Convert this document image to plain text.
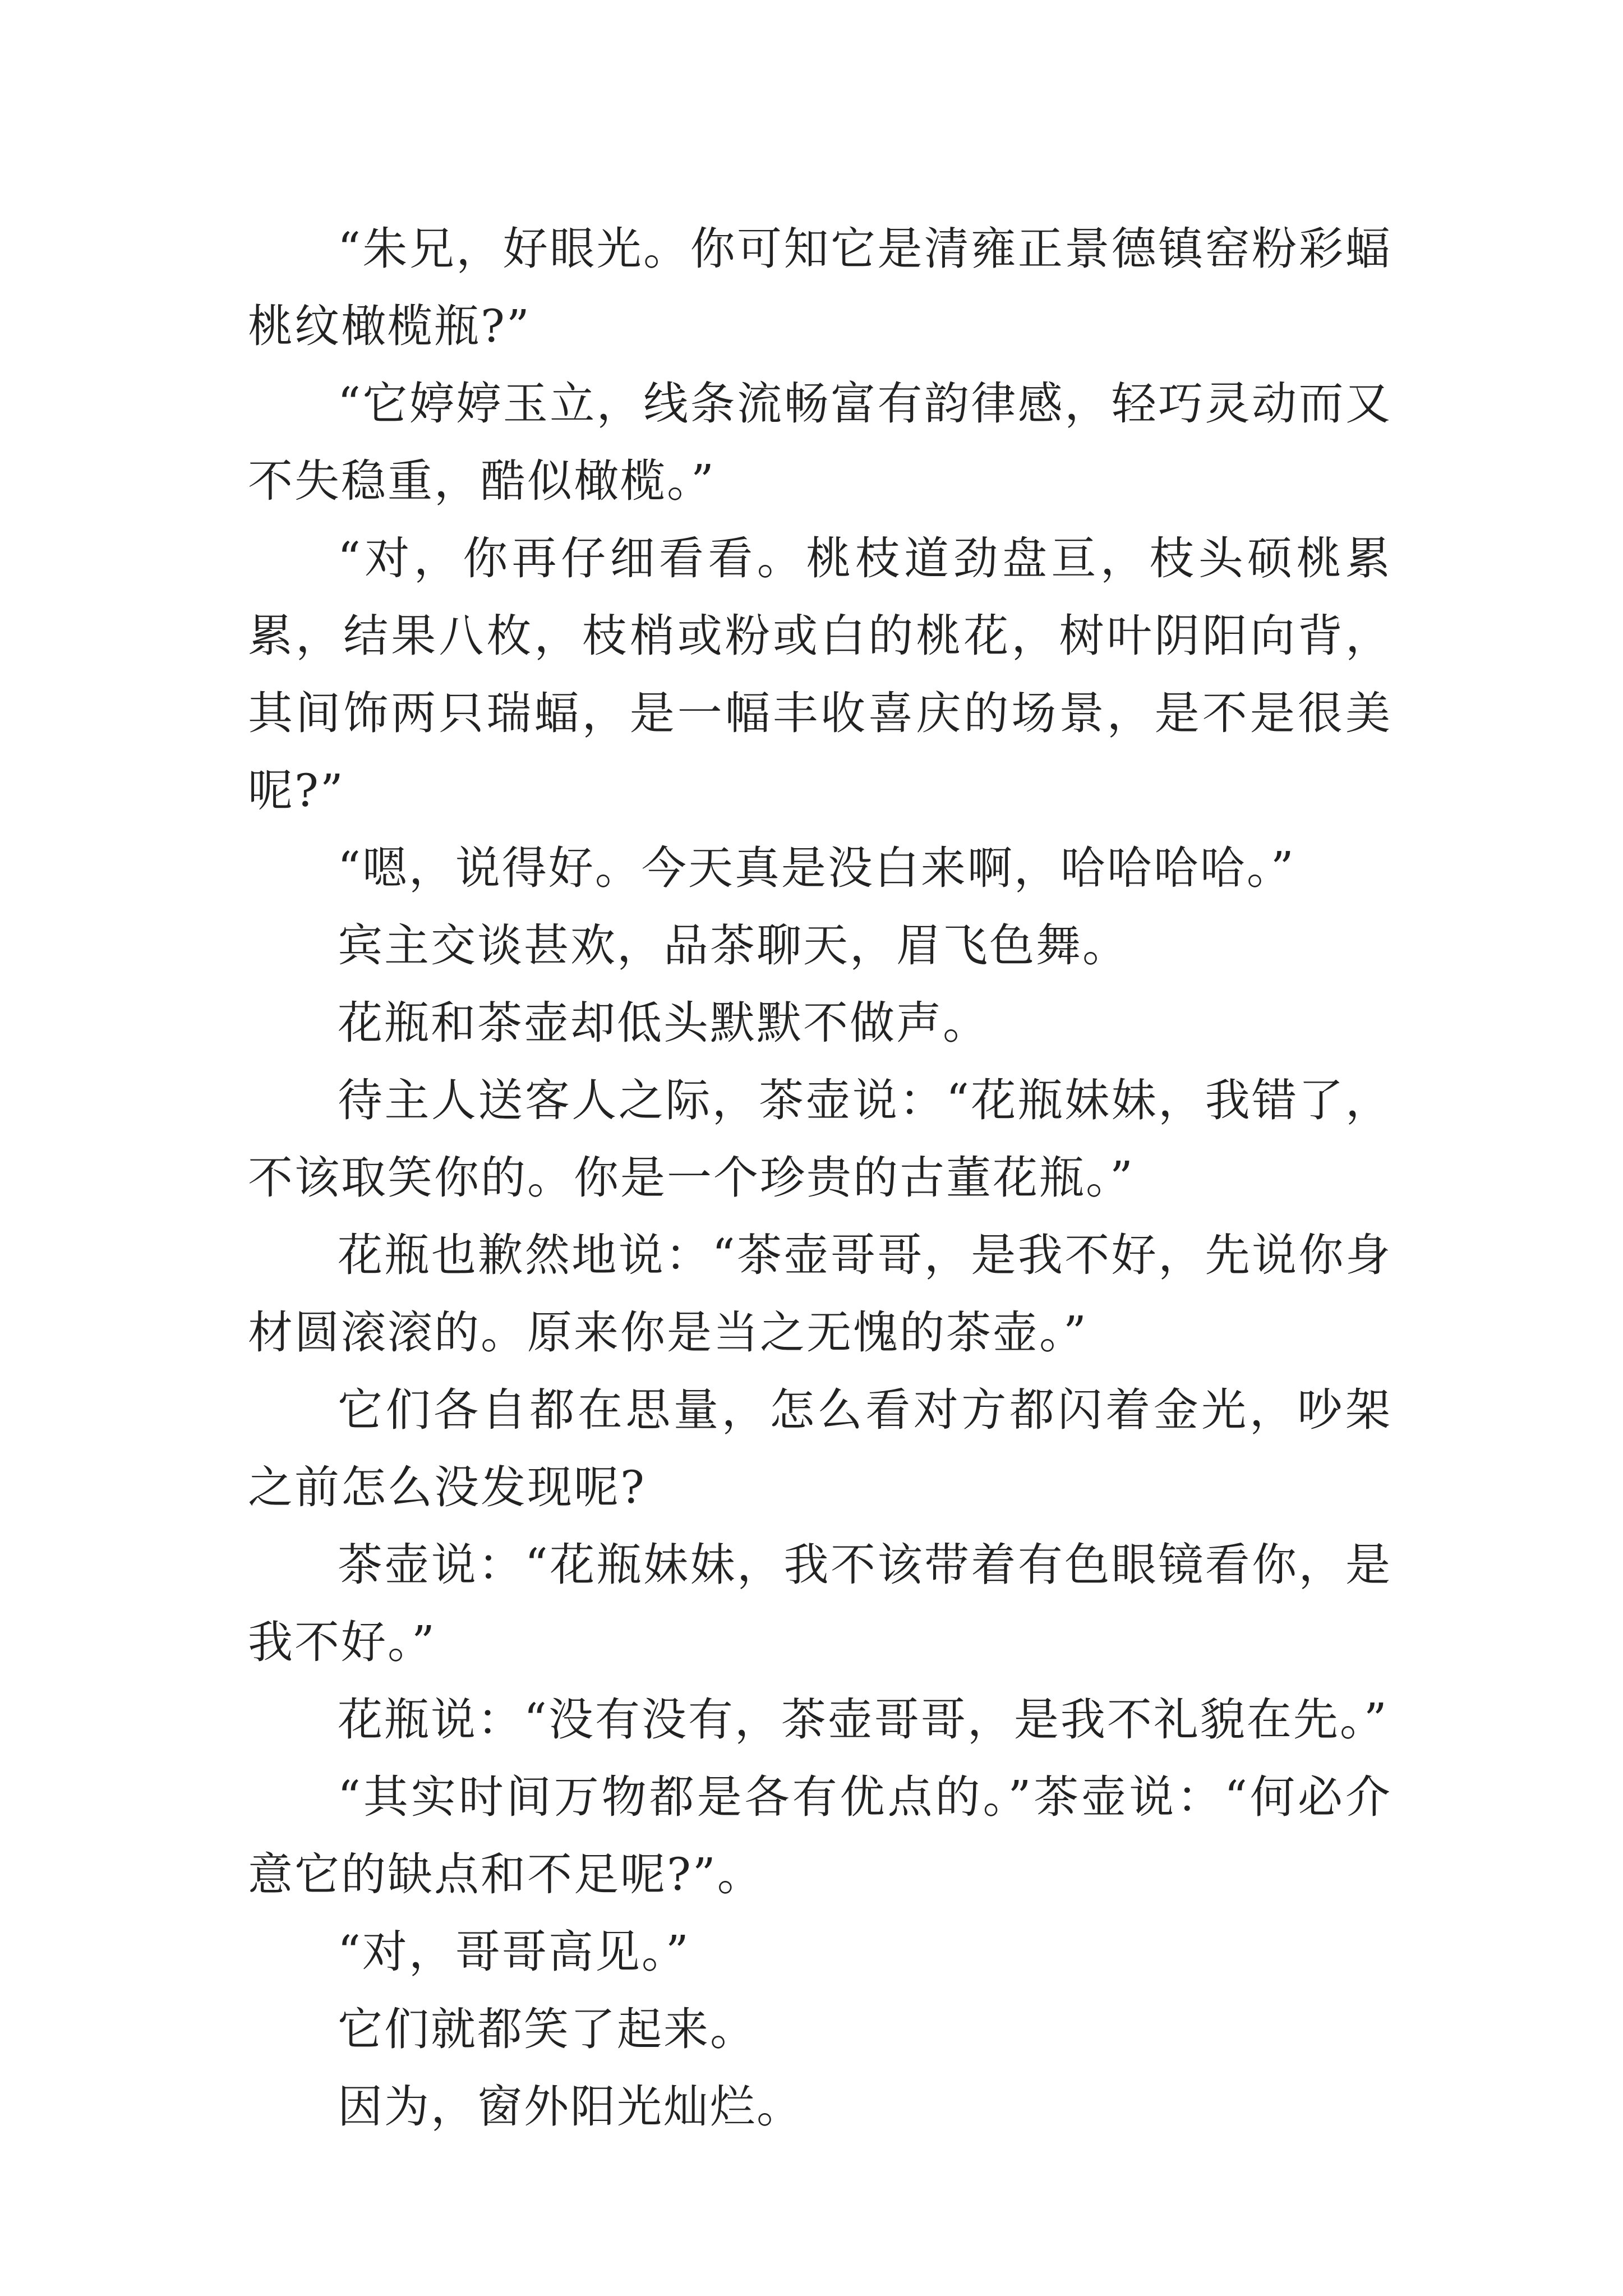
“朱兄，好眼光。你可知它是清雍正景德镇窑粉彩蝠桃纹橄榄瓶?”

“它婷婷玉立，线条流畅富有韵律感，轻巧灵动而又不失稳重，酷似橄榄。”

“对，你再仔细看看。桃枝道劲盘亘，枝头硕桃累累，结果八枚，枝梢或粉或白的桃花，树叶阴阳向背，其间饰两只瑞蝠，是一幅丰收喜庆的场景，是不是很美呢?”

“嗯，说得好。今天真是没白来啊，哈哈哈哈。”

宾主交谈甚欢，品茶聊天，眉飞色舞。

花瓶和茶壶却低头默默不做声。

待主人送客人之际，茶壶说：“花瓶妹妹，我错了，不该取笑你的。你是一个珍贵的古董花瓶。”

花瓶也歉然地说：“茶壶哥哥，是我不好，先说你身材圆滚滚的。原来你是当之无愧的茶壶。”

它们各自都在思量，怎么看对方都闪着金光，吵架之前怎么没发现呢?

茶壶说：“花瓶妹妹，我不该带着有色眼镜看你，是我不好。”

花瓶说：“没有没有，茶壶哥哥，是我不礼貌在先。”

“其实时间万物都是各有优点的。”茶壶说：“何必介意它的缺点和不足呢?”。

“对，哥哥高见。”

它们就都笑了起来。

因为，窗外阳光灿烂。
